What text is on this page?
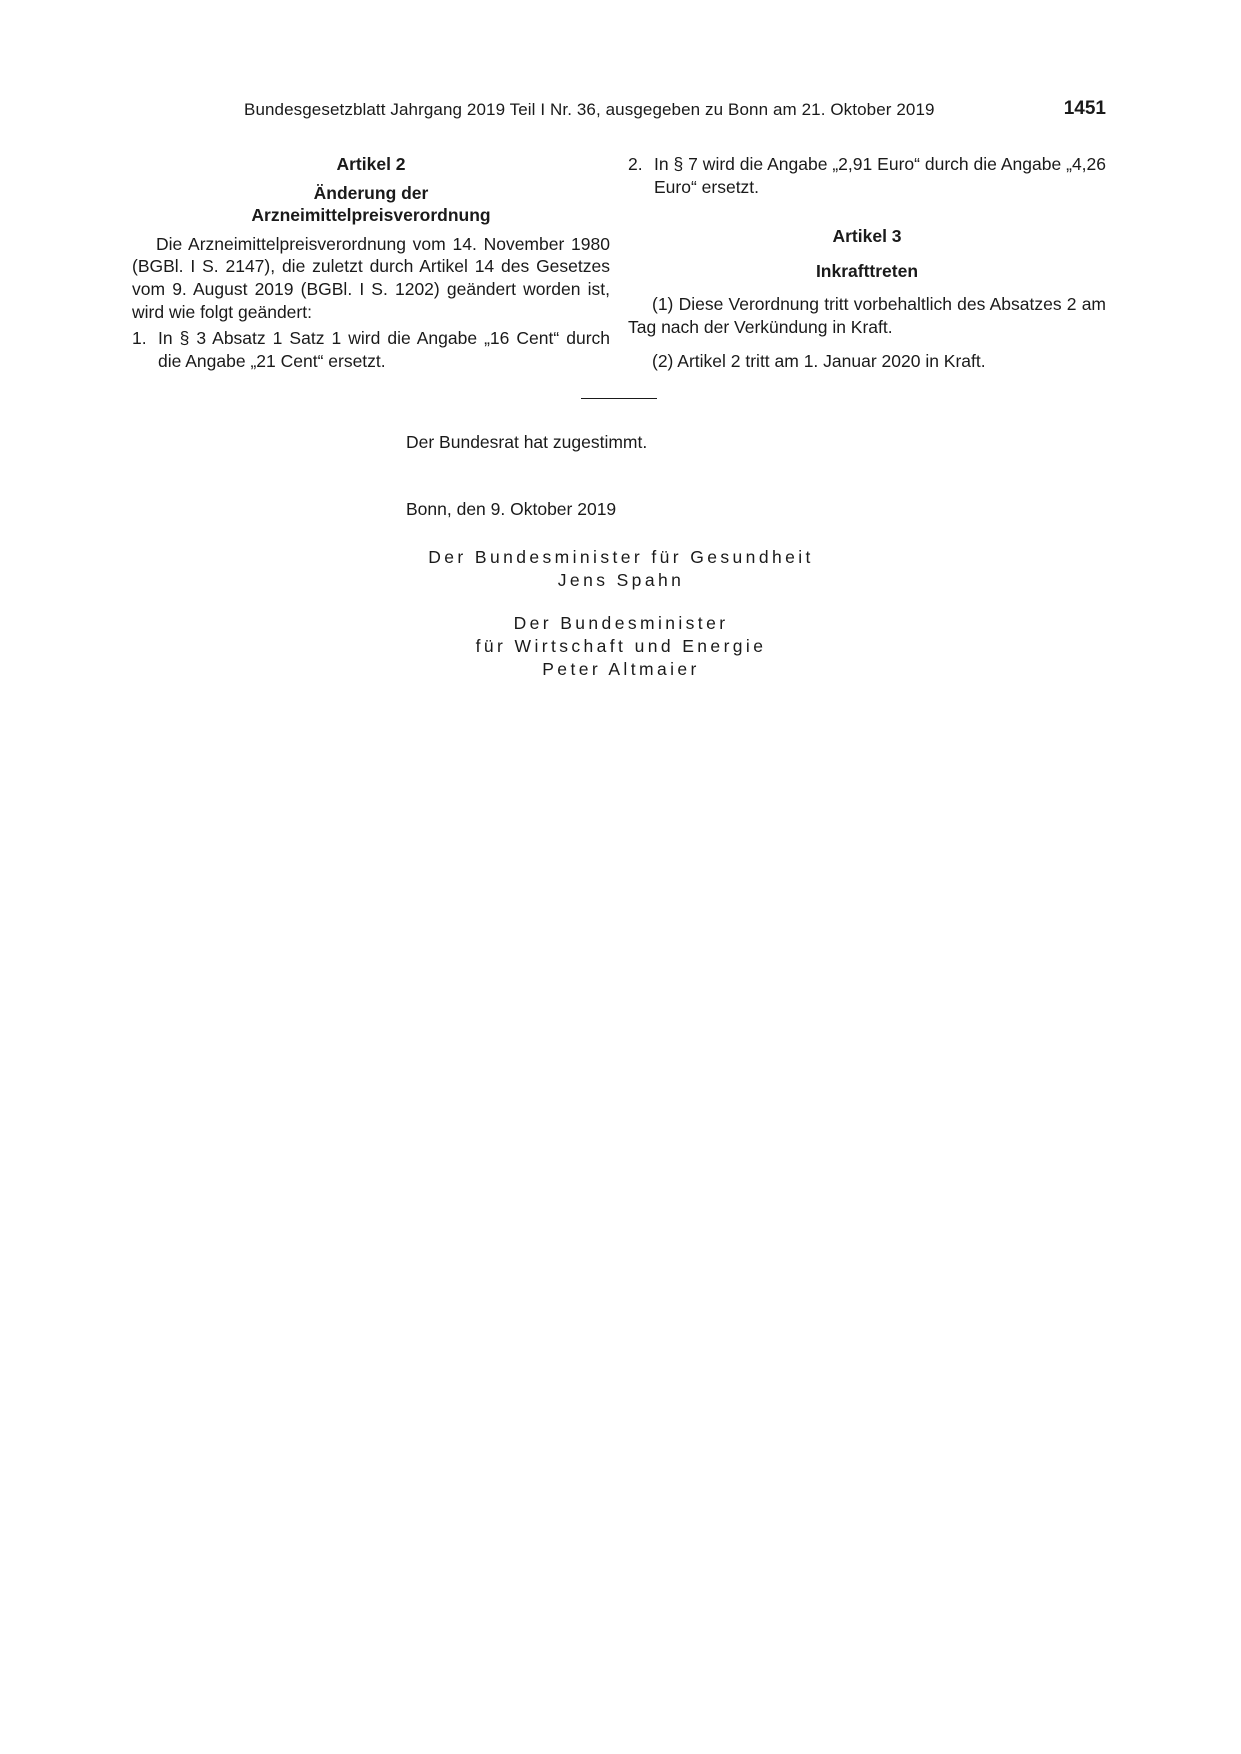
Bundesgesetzblatt Jahrgang 2019 Teil I Nr. 36, ausgegeben zu Bonn am 21. Oktober 2019	1451
Artikel 2
Änderung der
Arzneimittelpreisverordnung

Die Arzneimittelpreisverordnung vom 14. November 1980 (BGBl. I S. 2147), die zuletzt durch Artikel 14 des Gesetzes vom 9. August 2019 (BGBl. I S. 1202) geändert worden ist, wird wie folgt geändert:

1. In § 3 Absatz 1 Satz 1 wird die Angabe „16 Cent“ durch die Angabe „21 Cent“ ersetzt.
2. In § 7 wird die Angabe „2,91 Euro“ durch die Angabe „4,26 Euro“ ersetzt.
Artikel 3
Inkrafttreten

(1) Diese Verordnung tritt vorbehaltlich des Absatzes 2 am Tag nach der Verkündung in Kraft.

(2) Artikel 2 tritt am 1. Januar 2020 in Kraft.

Der Bundesrat hat zugestimmt.
Bonn, den 9. Oktober 2019
Der Bundesminister für Gesundheit
Jens Spahn
Der Bundesminister
für Wirtschaft und Energie
Peter Altmaier
